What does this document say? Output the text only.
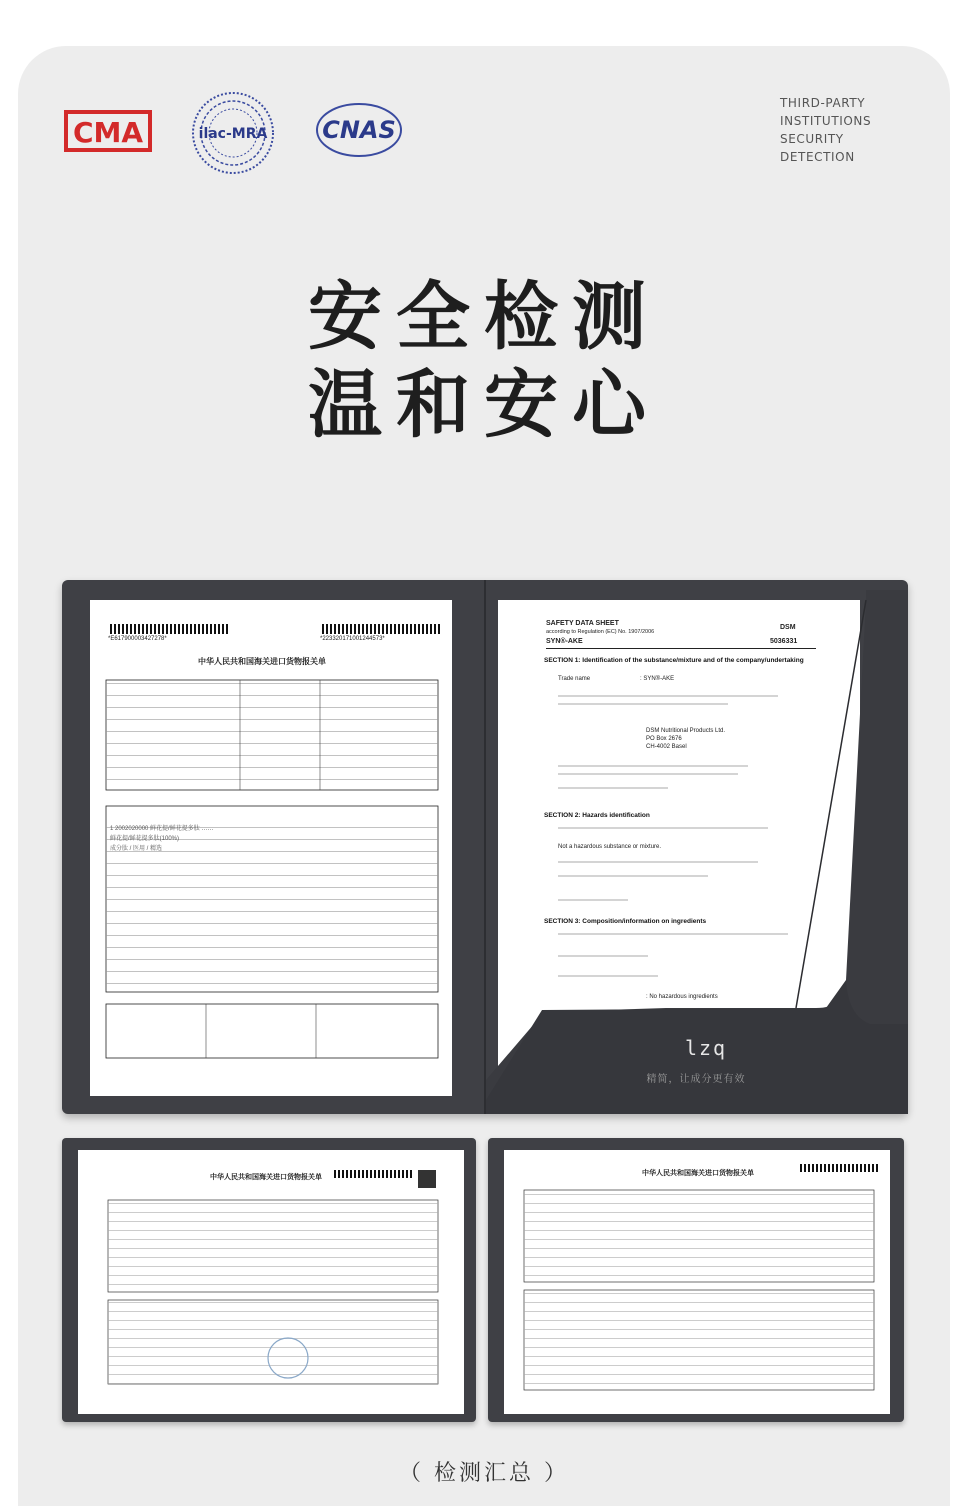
CMA	ilac-MRA CNAS
THIRD-PARTY
INSTITUTIONS
SECURITY
DETECTION
安全检测
温和安心
1 2002020000 鲜花提/鲜花提多肽 ……
鲜花提/鲜花提多肽(100%)
成分肽 / 医用 / 精选
*E617900003427278*	*223320171001244573*
中华人民共和国海关进口货物报关单
SAFETY DATA SHEET
according to Regulation (EC) No. 1907/2006
SYN®-AKE
DSM
5036331
SECTION 1: Identification of the substance/mixture and of the company/undertaking
Trade name	: SYN®-AKE
DSM Nutritional Products Ltd.
PO Box 2676
CH-4002 Basel
SECTION 2: Hazards identification
Not a hazardous substance or mixture.
SECTION 3: Composition/information on ingredients
: No hazardous ingredients
lzq
精简，让成分更有效
中华人民共和国海关进口货物报关单
中华人民共和国海关进口货物报关单
（ 检测汇总 ）
